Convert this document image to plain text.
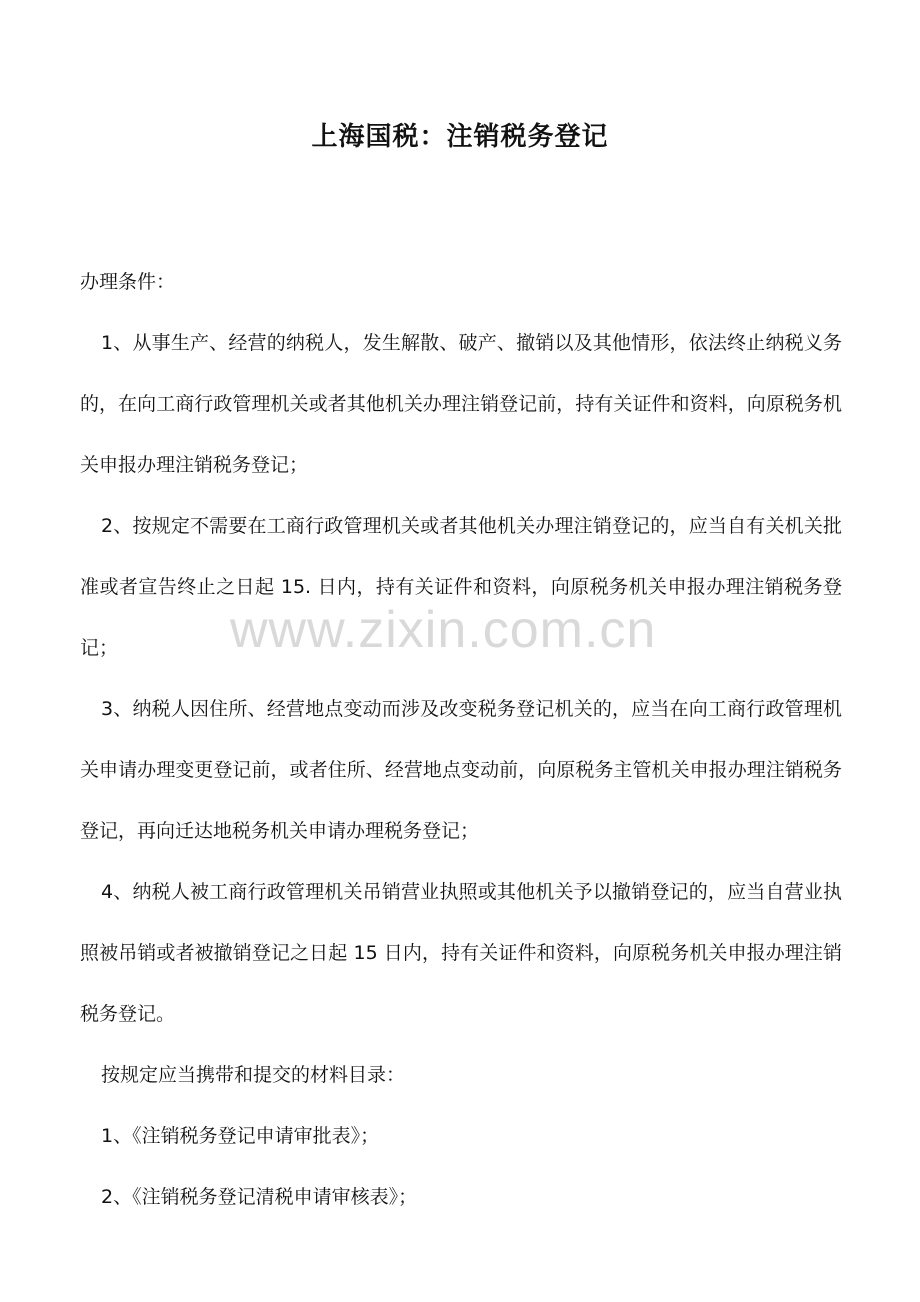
上海国税：注销税务登记

办理条件：

1、从事生产、经营的纳税人，发生解散、破产、撤销以及其他情形，依法终止纳税义务的，在向工商行政管理机关或者其他机关办理注销登记前，持有关证件和资料，向原税务机关申报办理注销税务登记；

2、按规定不需要在工商行政管理机关或者其他机关办理注销登记的，应当自有关机关批准或者宣告终止之日起 15. 日内，持有关证件和资料，向原税务机关申报办理注销税务登记；

3、纳税人因住所、经营地点变动而涉及改变税务登记机关的，应当在向工商行政管理机关申请办理变更登记前，或者住所、经营地点变动前，向原税务主管机关申报办理注销税务登记，再向迁达地税务机关申请办理税务登记；

4、纳税人被工商行政管理机关吊销营业执照或其他机关予以撤销登记的，应当自营业执照被吊销或者被撤销登记之日起 15 日内，持有关证件和资料，向原税务机关申报办理注销税务登记。

按规定应当携带和提交的材料目录：

1、《注销税务登记申请审批表》；

2、《注销税务登记清税申请审核表》；

www.zixin.com.cn
